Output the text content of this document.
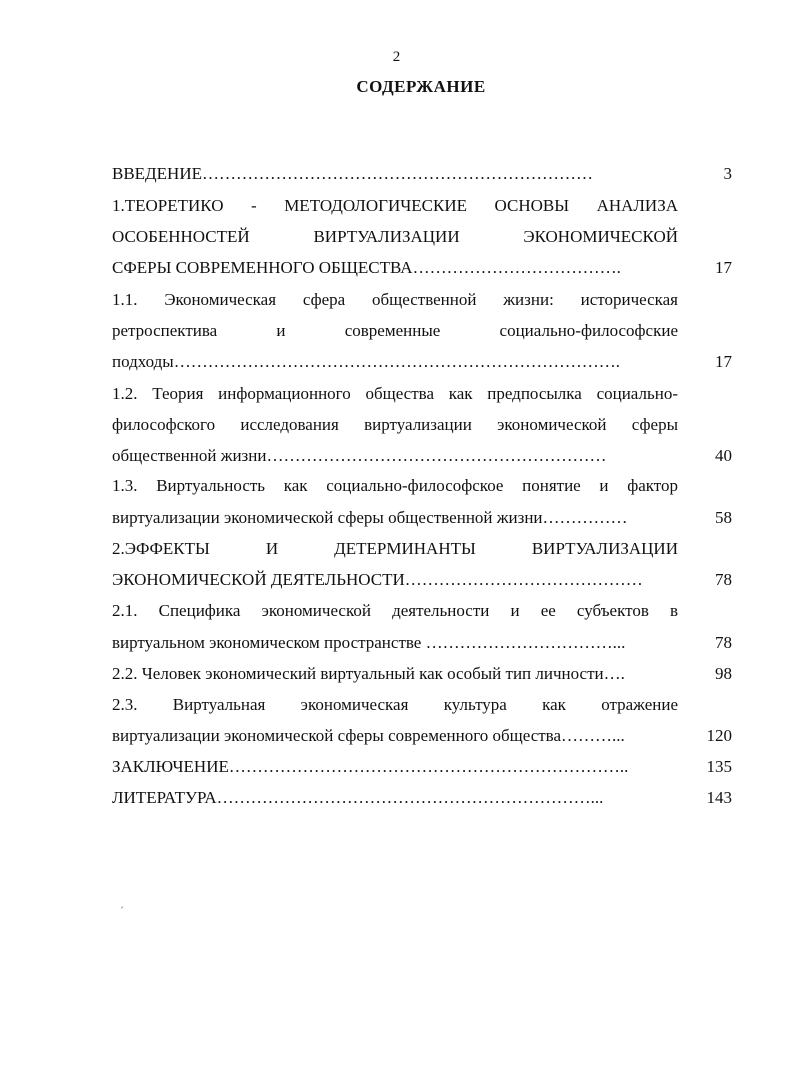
2
СОДЕРЖАНИЕ
ВВЕДЕНИЕ……………………………………………………………	3
1.ТЕОРЕТИКО - МЕТОДОЛОГИЧЕСКИЕ ОСНОВЫ АНАЛИЗА
ОСОБЕННОСТЕЙ ВИРТУАЛИЗАЦИИ ЭКОНОМИЧЕСКОЙ
СФЕРЫ СОВРЕМЕННОГО ОБЩЕСТВА……………………………….	17
1.1. Экономическая сфера общественной жизни: историческая
ретроспектива и современные социально-философские
подходы…………………………………………………………………….	17
1.2. Теория информационного общества как предпосылка социально-
философского исследования виртуализации экономической сферы
общественной жизни……………………………………………………	40
1.3. Виртуальность как социально-философское понятие и фактор
виртуализации экономической сферы общественной жизни……………	58
2.ЭФФЕКТЫ И ДЕТЕРМИНАНТЫ ВИРТУАЛИЗАЦИИ
ЭКОНОМИЧЕСКОЙ ДЕЯТЕЛЬНОСТИ……………………………………	78
2.1. Специфика экономической деятельности и ее субъектов в
виртуальном экономическом пространстве ……………………………...	78
2.2. Человек экономический виртуальный как особый тип личности….	98
2.3. Виртуальная экономическая культура как отражение
виртуализации экономической сферы современного общества………...	120
ЗАКЛЮЧЕНИЕ……………………………………………………………..	135
ЛИТЕРАТУРА…………………………………………………………...	143
ˊ
